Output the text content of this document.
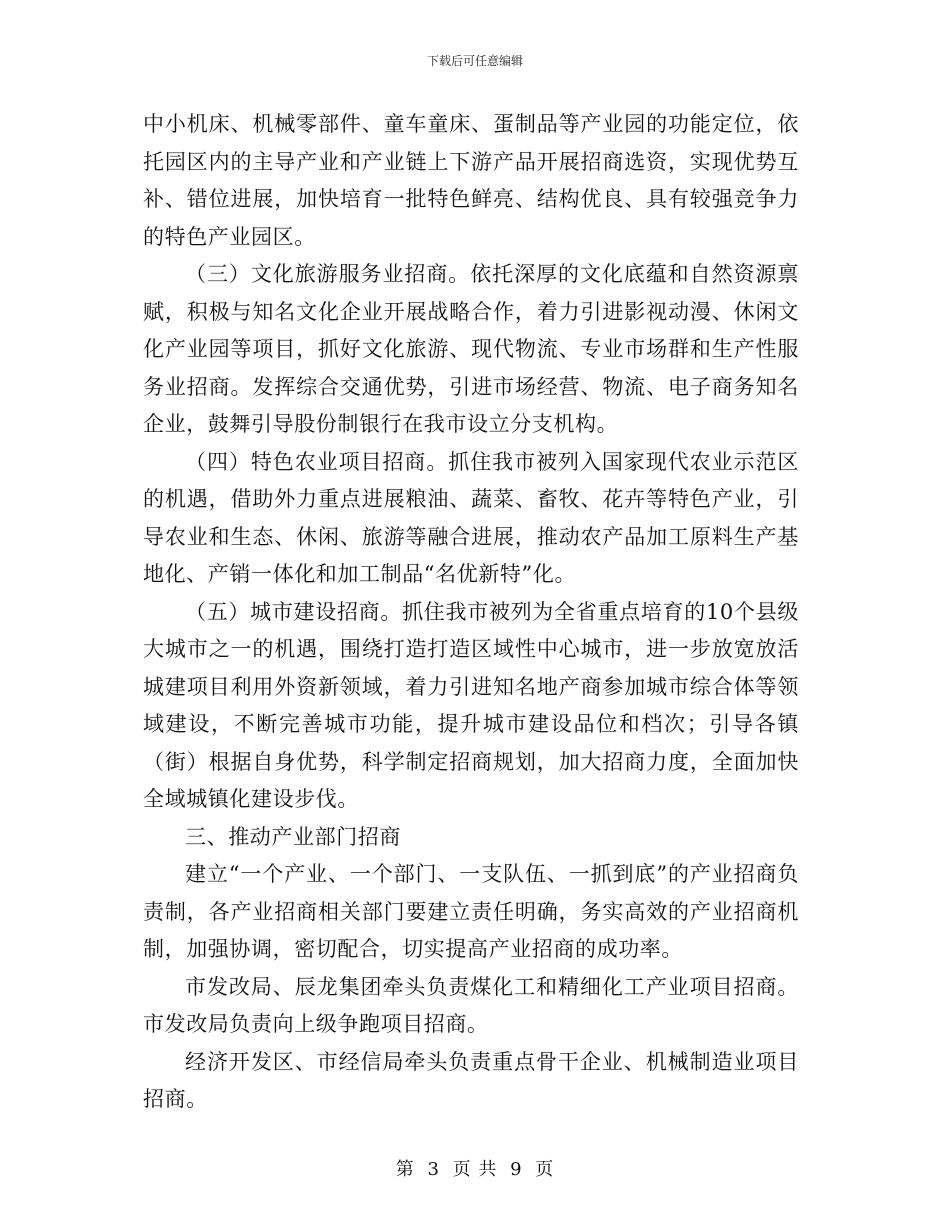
下载后可任意编辑

中小机床、机械零部件、童车童床、蛋制品等产业园的功能定位，依托园区内的主导产业和产业链上下游产品开展招商选资，实现优势互补、错位进展，加快培育一批特色鲜亮、结构优良、具有较强竞争力的特色产业园区。

（三）文化旅游服务业招商。依托深厚的文化底蕴和自然资源禀赋，积极与知名文化企业开展战略合作，着力引进影视动漫、休闲文化产业园等项目，抓好文化旅游、现代物流、专业市场群和生产性服务业招商。发挥综合交通优势，引进市场经营、物流、电子商务知名企业，鼓舞引导股份制银行在我市设立分支机构。

（四）特色农业项目招商。抓住我市被列入国家现代农业示范区的机遇，借助外力重点进展粮油、蔬菜、畜牧、花卉等特色产业，引导农业和生态、休闲、旅游等融合进展，推动农产品加工原料生产基地化、产销一体化和加工制品“名优新特”化。

（五）城市建设招商。抓住我市被列为全省重点培育的10个县级大城市之一的机遇，围绕打造打造区域性中心城市，进一步放宽放活城建项目利用外资新领域，着力引进知名地产商参加城市综合体等领域建设，不断完善城市功能，提升城市建设品位和档次；引导各镇（街）根据自身优势，科学制定招商规划，加大招商力度，全面加快全域城镇化建设步伐。

三、推动产业部门招商

建立“一个产业、一个部门、一支队伍、一抓到底”的产业招商负责制，各产业招商相关部门要建立责任明确，务实高效的产业招商机制，加强协调，密切配合，切实提高产业招商的成功率。

市发改局、辰龙集团牵头负责煤化工和精细化工产业项目招商。市发改局负责向上级争跑项目招商。

经济开发区、市经信局牵头负责重点骨干企业、机械制造业项目招商。

第 3 页 共 9 页
